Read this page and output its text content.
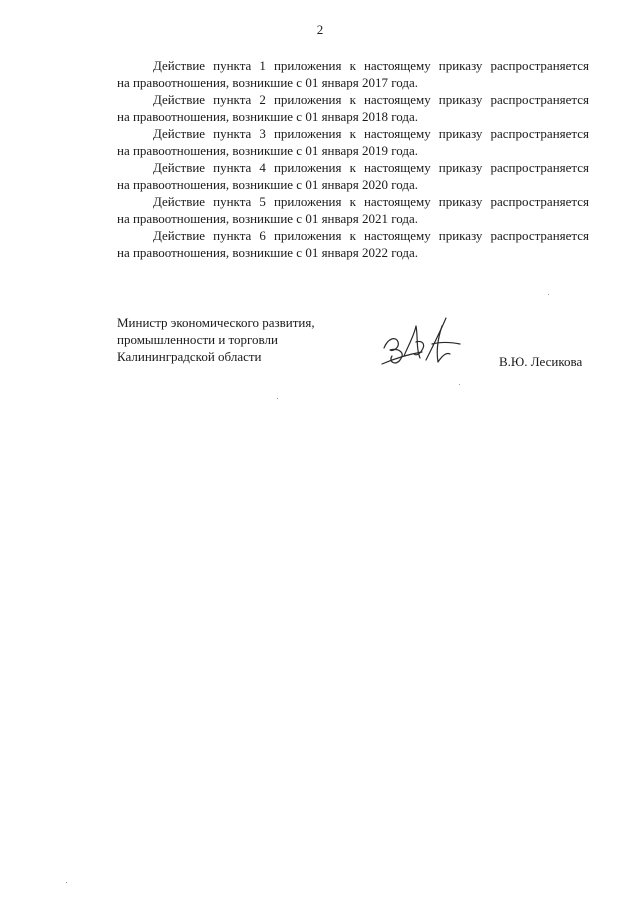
2

Действие пункта 1 приложения к настоящему приказу распространяется
на правоотношения, возникшие с 01 января 2017 года.

Действие пункта 2 приложения к настоящему приказу распространяется
на правоотношения, возникшие с 01 января 2018 года.

Действие пункта 3 приложения к настоящему приказу распространяется
на правоотношения, возникшие с 01 января 2019 года.

Действие пункта 4 приложения к настоящему приказу распространяется
на правоотношения, возникшие с 01 января 2020 года.

Действие пункта 5 приложения к настоящему приказу распространяется
на правоотношения, возникшие с 01 января 2021 года.

Действие пункта 6 приложения к настоящему приказу распространяется
на правоотношения, возникшие с 01 января 2022 года.

Министр экономического развития,
промышленности и торговли
Калининградской области	В.Ю. Лесикова
